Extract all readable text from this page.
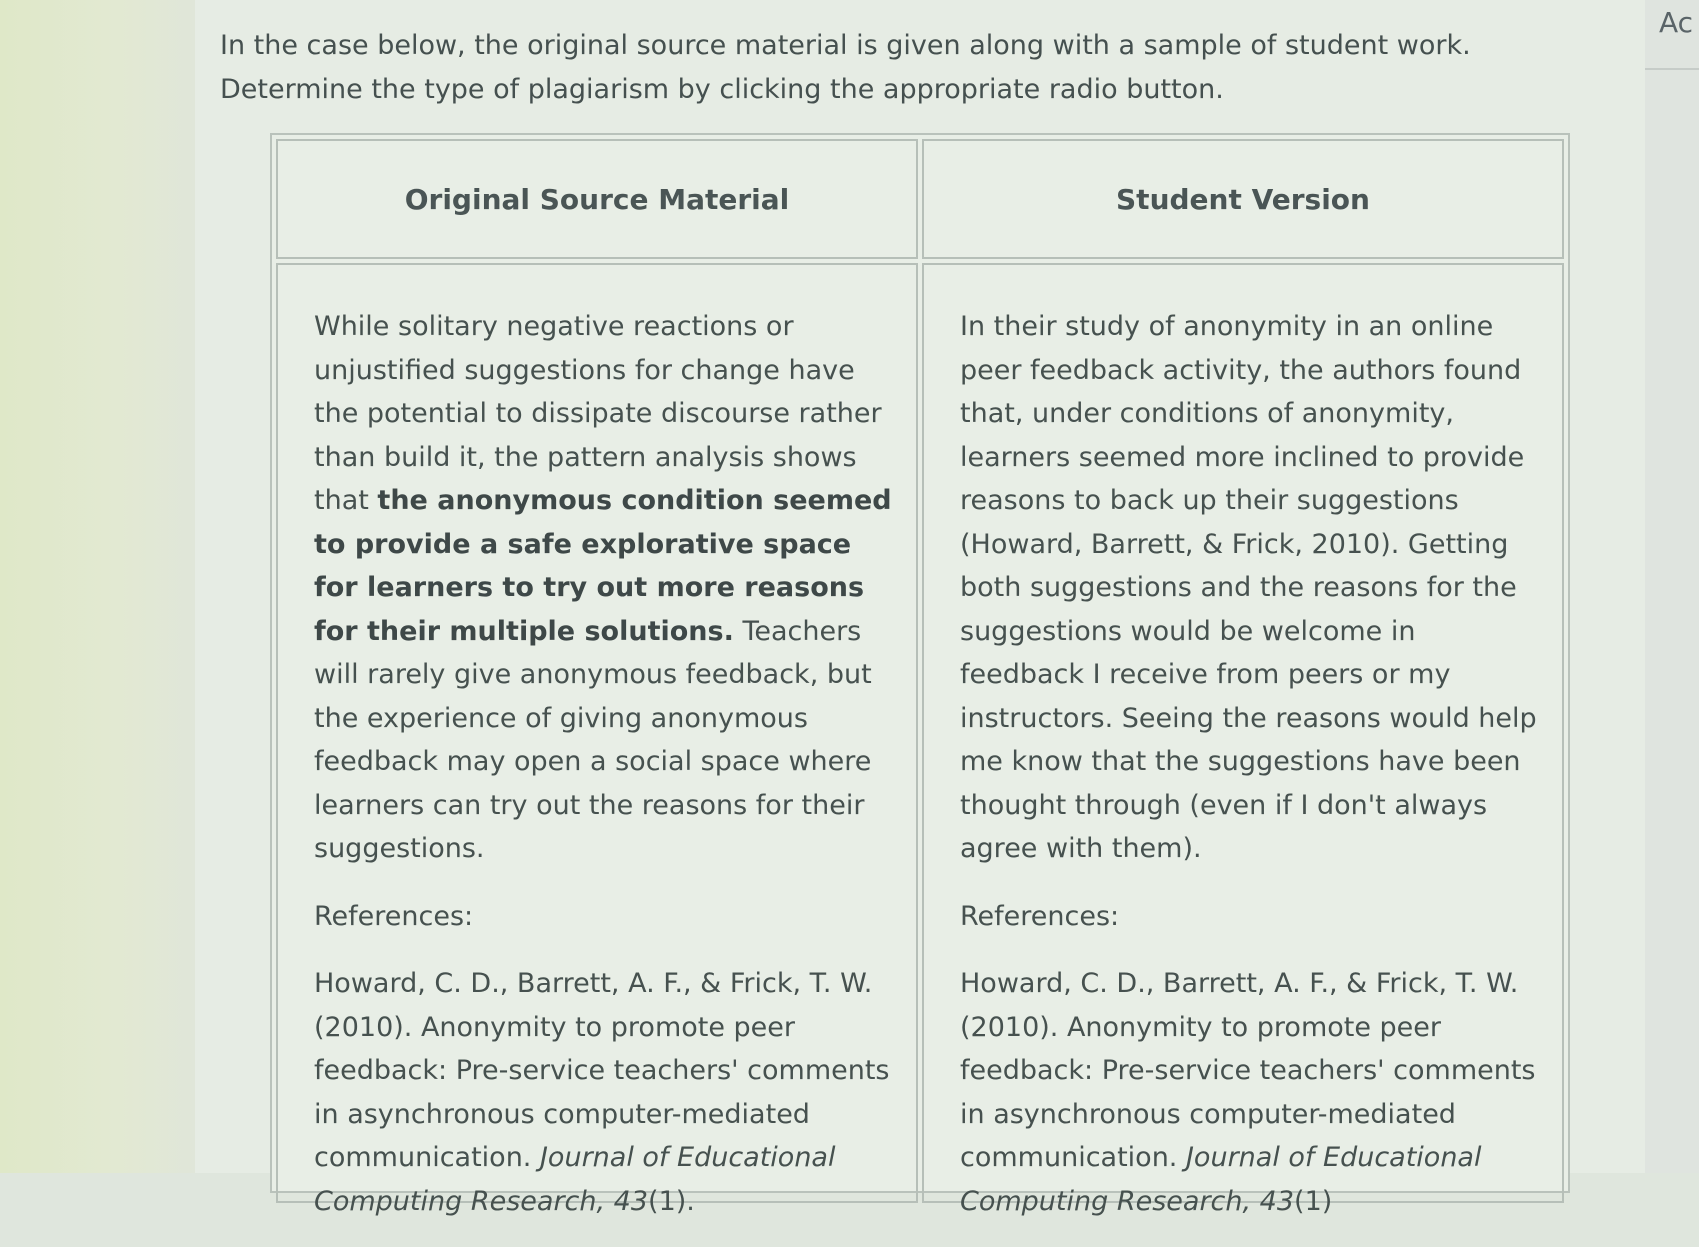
Ac

In the case below, the original source material is given along with a sample of student work.

Determine the type of plagiarism by clicking the appropriate radio button.

Original Source Material	Student Version

While solitary negative reactions or unjustified suggestions for change have the potential to dissipate discourse rather than build it, the pattern analysis shows that the anonymous condition seemed to provide a safe explorative space for learners to try out more reasons for their multiple solutions. Teachers will rarely give anonymous feedback, but the experience of giving anonymous feedback may open a social space where learners can try out the reasons for their suggestions.

References:

Howard, C. D., Barrett, A. F., & Frick, T. W. (2010). Anonymity to promote peer feedback: Pre-service teachers' comments in asynchronous computer-mediated communication. Journal of Educational Computing Research, 43(1).

In their study of anonymity in an online peer feedback activity, the authors found that, under conditions of anonymity, learners seemed more inclined to provide reasons to back up their suggestions (Howard, Barrett, & Frick, 2010). Getting both suggestions and the reasons for the suggestions would be welcome in feedback I receive from peers or my instructors. Seeing the reasons would help me know that the suggestions have been thought through (even if I don't always agree with them).

References:

Howard, C. D., Barrett, A. F., & Frick, T. W. (2010). Anonymity to promote peer feedback: Pre-service teachers' comments in asynchronous computer-mediated communication. Journal of Educational Computing Research, 43(1)
